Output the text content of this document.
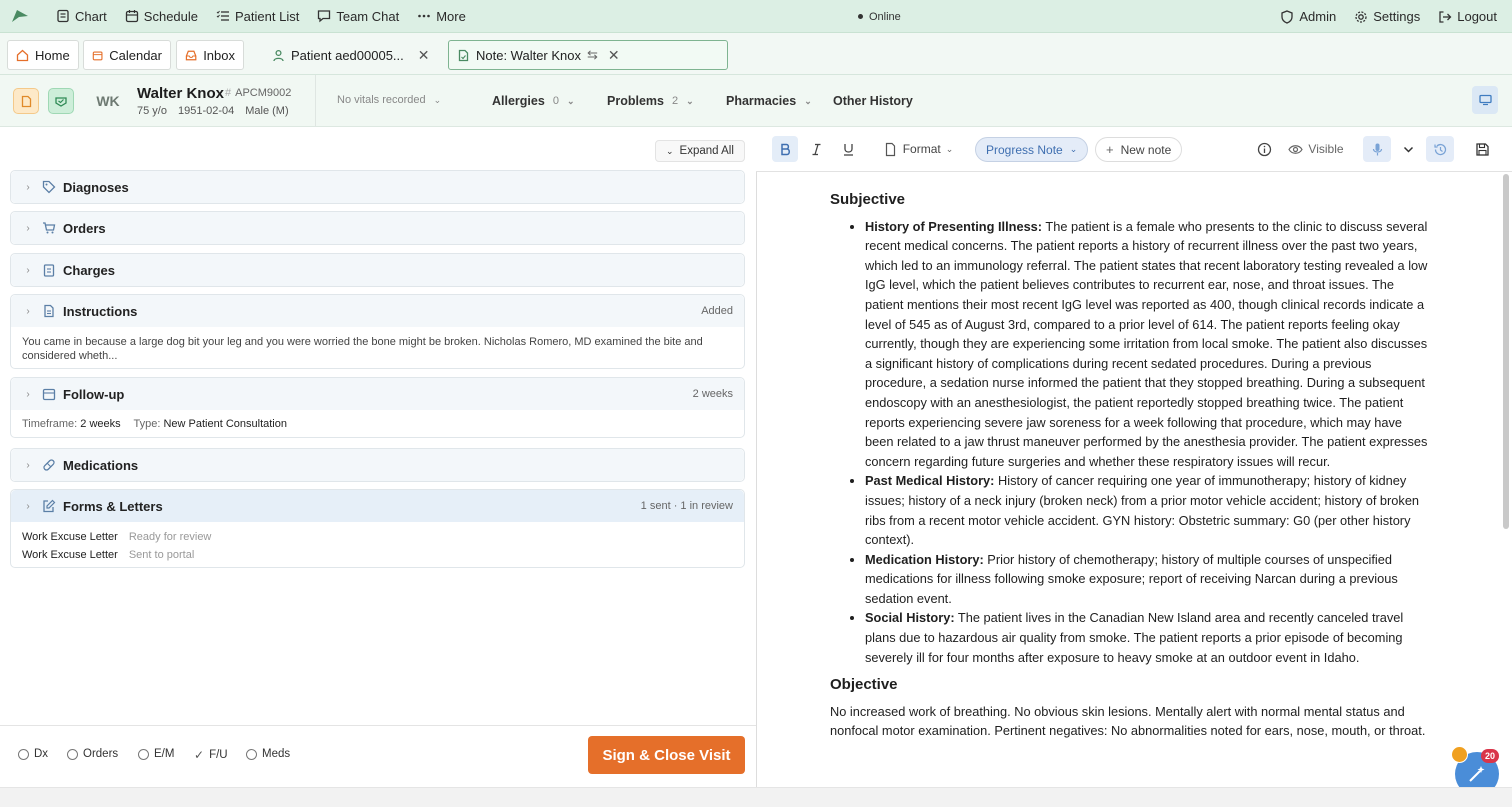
Chart	Schedule	Patient List	Team Chat	More	Online	Admin	Settings	Logout
Home	Calendar	Inbox	Patient aed00005... ✕	Note: Walter Knox ⇆ ✕
WK Walter Knox # APCM9002
75 y/o 1951-02-04 Male (M)
No vitals recorded ⌄	Allergies 0 ⌄	Problems 2 ⌄	Pharmacies ⌄ Other History
⌄ Expand All
›	Diagnoses
›	Orders
›	Charges
›	Instructions	Added
You came in because a large dog bit your leg and you were worried the bone might be broken. Nicholas Romero, MD examined the bite and considered wheth...
›	Follow-up	2 weeks
Timeframe: 2 weeks Type: New Patient Consultation
›	Medications
›	Forms & Letters	1 sent · 1 in review
Work Excuse Letter Ready for review
Work Excuse Letter Sent to portal
Dx	Orders	E/M ✓ F/U	Meds	Sign & Close Visit
Format ⌄	Progress Note ⌄ + New note	Visible
Subjective
• History of Presenting Illness: The patient is a female who presents to the clinic to discuss several recent medical concerns. The patient reports a history of recurrent illness over the past two years, which led to an immunology referral. The patient states that recent laboratory testing revealed a low IgG level, which the patient believes contributes to recurrent ear, nose, and throat issues. The patient mentions their most recent IgG level was reported as 400, though clinical records indicate a level of 545 as of August 3rd, compared to a prior level of 614. The patient reports feeling okay currently, though they are experiencing some irritation from local smoke. The patient also discusses a significant history of complications during recent sedated procedures. During a previous procedure, a sedation nurse informed the patient that they stopped breathing. During a subsequent endoscopy with an anesthesiologist, the patient reportedly stopped breathing twice. The patient reports experiencing severe jaw soreness for a week following that procedure, which may have been related to a jaw thrust maneuver performed by the anesthesia provider. The patient expresses concern regarding future surgeries and whether these respiratory issues will recur.
• Past Medical History: History of cancer requiring one year of immunotherapy; history of kidney issues; history of a neck injury (broken neck) from a prior motor vehicle accident; history of broken ribs from a recent motor vehicle accident. GYN history: Obstetric summary: G0 (per other history context).
• Medication History: Prior history of chemotherapy; history of multiple courses of unspecified medications for illness following smoke exposure; report of receiving Narcan during a previous sedation event.
• Social History: The patient lives in the Canadian New Island area and recently canceled travel plans due to hazardous air quality from smoke. The patient reports a prior episode of becoming severely ill for four months after exposure to heavy smoke at an outdoor event in Idaho.
Objective

No increased work of breathing. No obvious skin lesions. Mentally alert with normal mental status and nonfocal motor examination. Pertinent negatives: No abnormalities noted for ears, nose, mouth, or throat.

20
